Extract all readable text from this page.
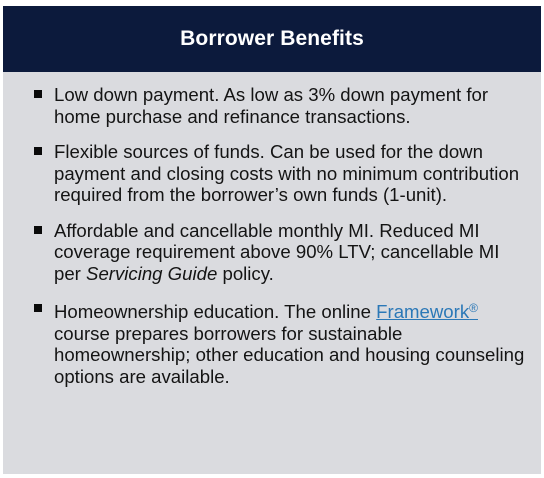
Borrower Benefits
Low down payment. As low as 3% down payment for home purchase and refinance transactions.
Flexible sources of funds. Can be used for the down payment and closing costs with no minimum contribution required from the borrower’s own funds (1-unit).
Affordable and cancellable monthly MI. Reduced MI coverage requirement above 90% LTV; cancellable MI per Servicing Guide policy.
Homeownership education. The online Framework® course prepares borrowers for sustainable homeownership; other education and housing counseling options are available.
